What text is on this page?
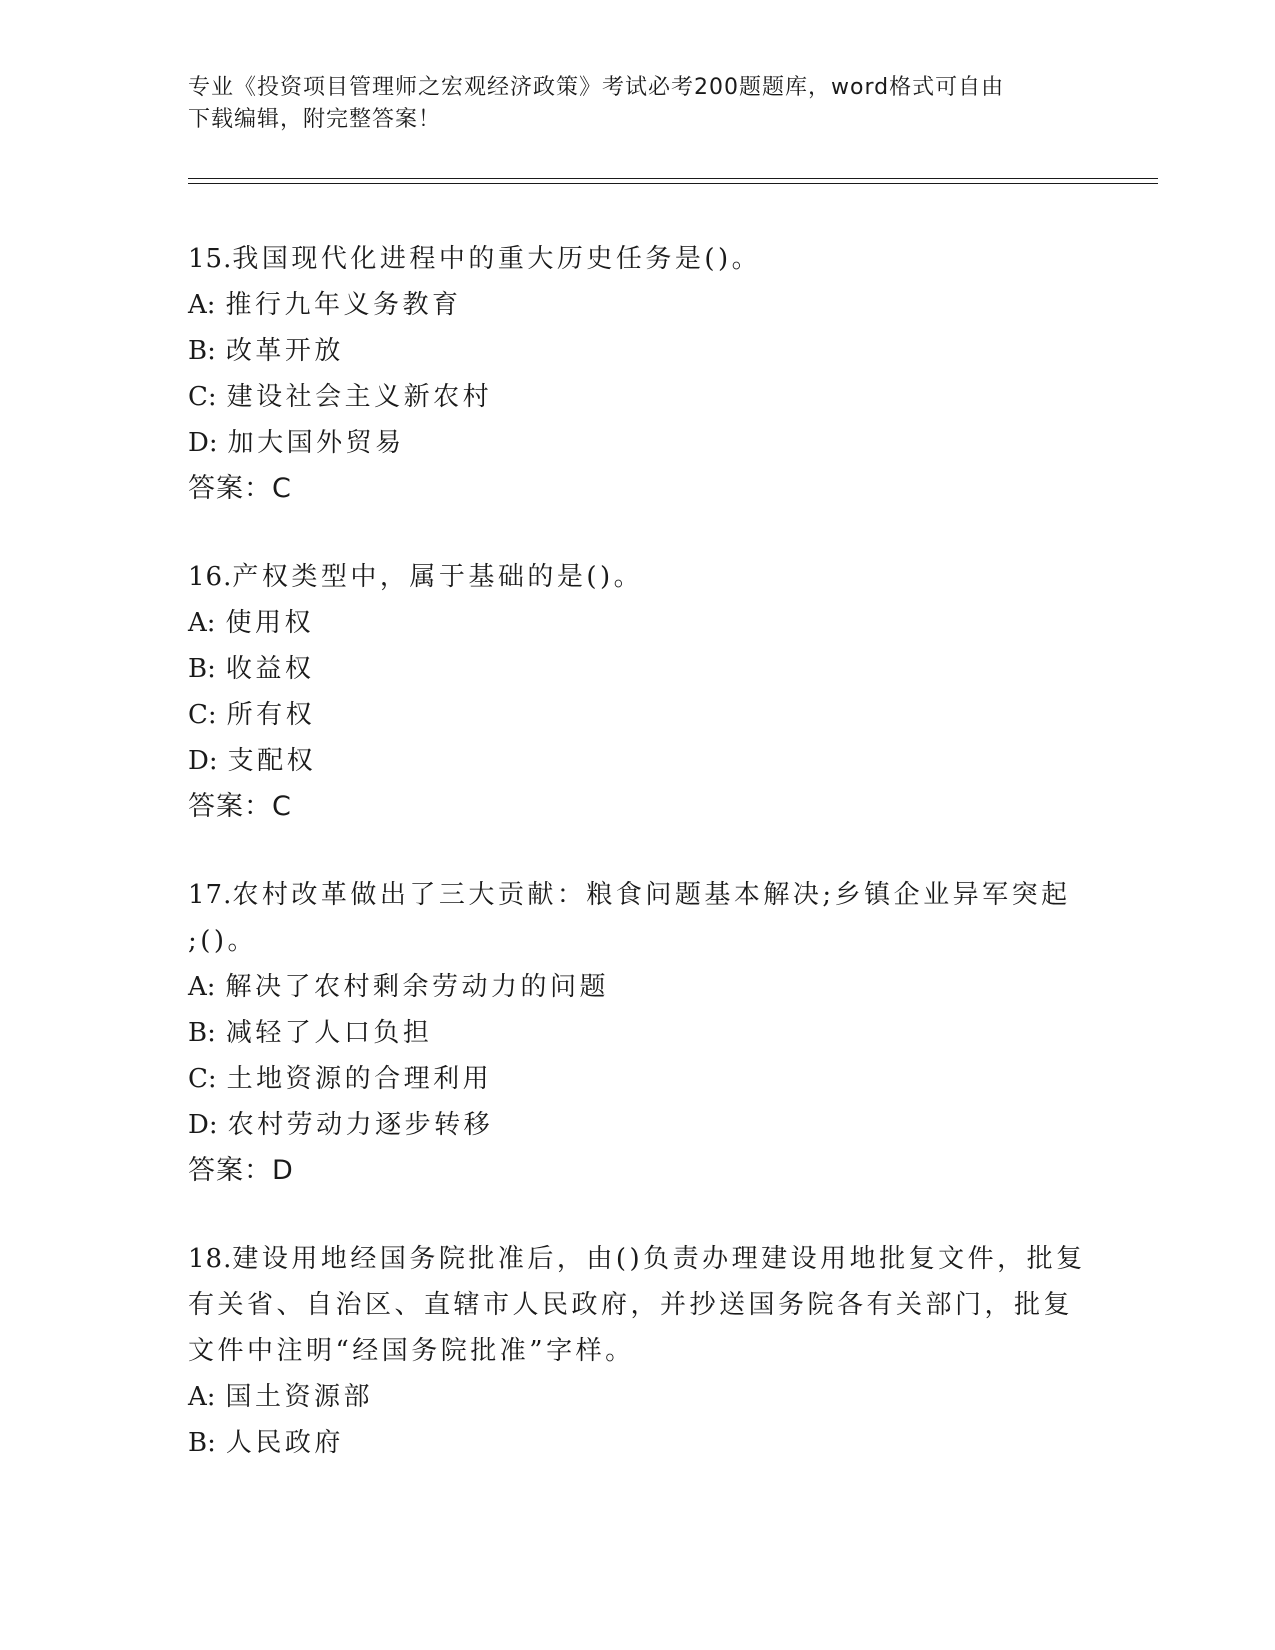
专业《投资项目管理师之宏观经济政策》考试必考200题题库，word格式可自由
下载编辑，附完整答案！
15.我国现代化进程中的重大历史任务是()。
A: 推行九年义务教育
B: 改革开放
C: 建设社会主义新农村
D: 加大国外贸易
答案：C
16.产权类型中，属于基础的是()。
A: 使用权
B: 收益权
C: 所有权
D: 支配权
答案：C
17.农村改革做出了三大贡献：粮食问题基本解决;乡镇企业异军突起
;()。
A: 解决了农村剩余劳动力的问题
B: 减轻了人口负担
C: 土地资源的合理利用
D: 农村劳动力逐步转移
答案：D
18.建设用地经国务院批准后，由()负责办理建设用地批复文件，批复
有关省、自治区、直辖市人民政府，并抄送国务院各有关部门，批复
文件中注明“经国务院批准”字样。
A: 国土资源部
B: 人民政府
